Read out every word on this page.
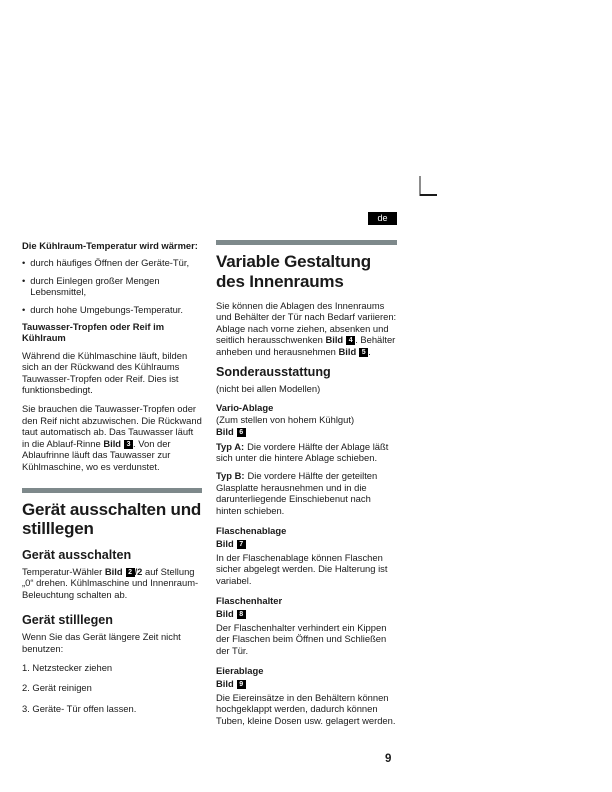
de
Die Kühlraum-Temperatur wird wärmer:
• durch häufiges Öffnen der Geräte-Tür,
• durch Einlegen großer Mengen Lebensmittel,
• durch hohe Umgebungs-Temperatur.
Tauwasser-Tropfen oder Reif im Kühlraum

Während die Kühlmaschine läuft, bilden sich an der Rückwand des Kühlraums Tauwasser-Tropfen oder Reif. Dies ist funktionsbedingt.

Sie brauchen die Tauwasser-Tropfen oder den Reif nicht abzuwischen. Die Rückwand taut automatisch ab. Das Tauwasser läuft in die Ablauf-Rinne Bild 3 . Von der Ablaufrinne läuft das Tauwasser zur Kühlmaschine, wo es verdunstet.

Gerät ausschalten und stilllegen
Gerät ausschalten

Temperatur-Wähler Bild 2 /2 auf Stellung „0“ drehen. Kühlmaschine und Innenraum-Beleuchtung schalten ab.

Gerät stilllegen

Wenn Sie das Gerät längere Zeit nicht benutzen:

1. Netzstecker ziehen

2. Gerät reinigen

3. Geräte- Tür offen lassen.

Variable Gestaltung des Innenraums

Sie können die Ablagen des Innenraums und Behälter der Tür nach Bedarf variieren: Ablage nach vorne ziehen, absenken und seitlich herausschwenken Bild 4 . Behälter anheben und herausnehmen Bild 5 .

Sonderausstattung

(nicht bei allen Modellen)

Vario-Ablage
(Zum stellen von hohem Kühlgut)
Bild 6

Typ A: Die vordere Hälfte der Ablage läßt sich unter die hintere Ablage schieben.

Typ B: Die vordere Hälfte der geteilten Glasplatte herausnehmen und in die darunterliegende Einschiebenut nach hinten schieben.

Flaschenablage
Bild 7

In der Flaschenablage können Flaschen sicher abgelegt werden. Die Halterung ist variabel.

Flaschenhalter
Bild 8

Der Flaschenhalter verhindert ein Kippen der Flaschen beim Öffnen und Schließen der Tür.

Eierablage
Bild 9

Die Eiereinsätze in den Behältern können hochgeklappt werden, dadurch können Tuben, kleine Dosen usw. gelagert werden.

9
